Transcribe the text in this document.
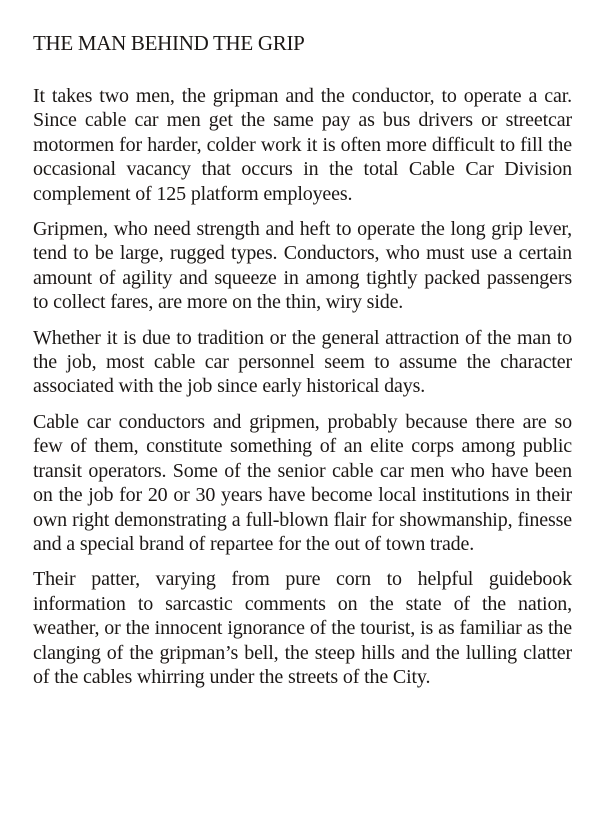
THE MAN BEHIND THE GRIP

It takes two men, the gripman and the conductor, to operate a car. Since cable car men get the same pay as bus drivers or streetcar motormen for harder, colder work it is often more difficult to fill the occasional vacancy that occurs in the total Cable Car Division complement of 125 platform employees.

Gripmen, who need strength and heft to operate the long grip lever, tend to be large, rugged types. Conductors, who must use a certain amount of agility and squeeze in among tightly packed passengers to collect fares, are more on the thin, wiry side.

Whether it is due to tradition or the general attraction of the man to the job, most cable car personnel seem to assume the character associated with the job since early historical days.

Cable car conductors and gripmen, probably because there are so few of them, constitute something of an elite corps among public transit operators. Some of the senior cable car men who have been on the job for 20 or 30 years have become local institutions in their own right demonstrating a full-blown flair for showmanship, finesse and a special brand of repartee for the out of town trade.

Their patter, varying from pure corn to helpful guidebook information to sarcastic comments on the state of the nation, weather, or the innocent ignorance of the tourist, is as familiar as the clanging of the gripman’s bell, the steep hills and the lulling clatter of the cables whirring under the streets of the City.
